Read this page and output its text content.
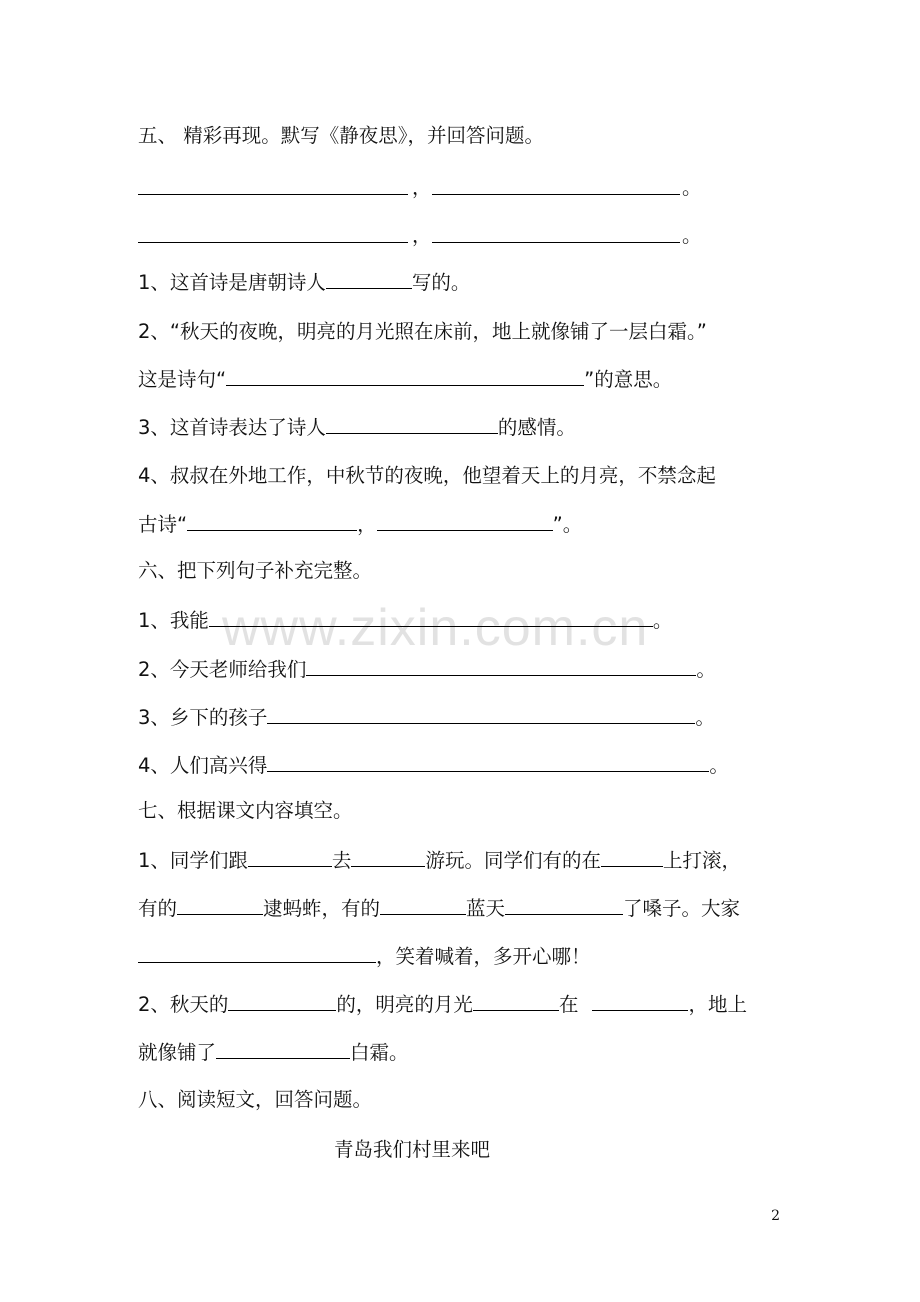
www.zixin.com.cn
五、 精彩再现。默写《静夜思》，并回答问题。
，	。
，	。
1、这首诗是唐朝诗人	写的。
2、“秋天的夜晚，明亮的月光照在床前，地上就像铺了一层白霜。”
这是诗句“	”的意思。
3、这首诗表达了诗人	的感情。
4、叔叔在外地工作，中秋节的夜晚，他望着天上的月亮，不禁念起
古诗“	，	”。
六、把下列句子补充完整。
1、我能	。
2、今天老师给我们	。
3、乡下的孩子	。
4、人们高兴得	。
七、根据课文内容填空。
1、同学们跟	去	游玩。同学们有的在	上打滚，
有的	逮蚂蚱，有的	蓝天	了嗓子。大家
，笑着喊着，多开心哪！
2、秋天的	的，明亮的月光	在	，地上
就像铺了	白霜。
八、阅读短文，回答问题。
青岛我们村里来吧
2
